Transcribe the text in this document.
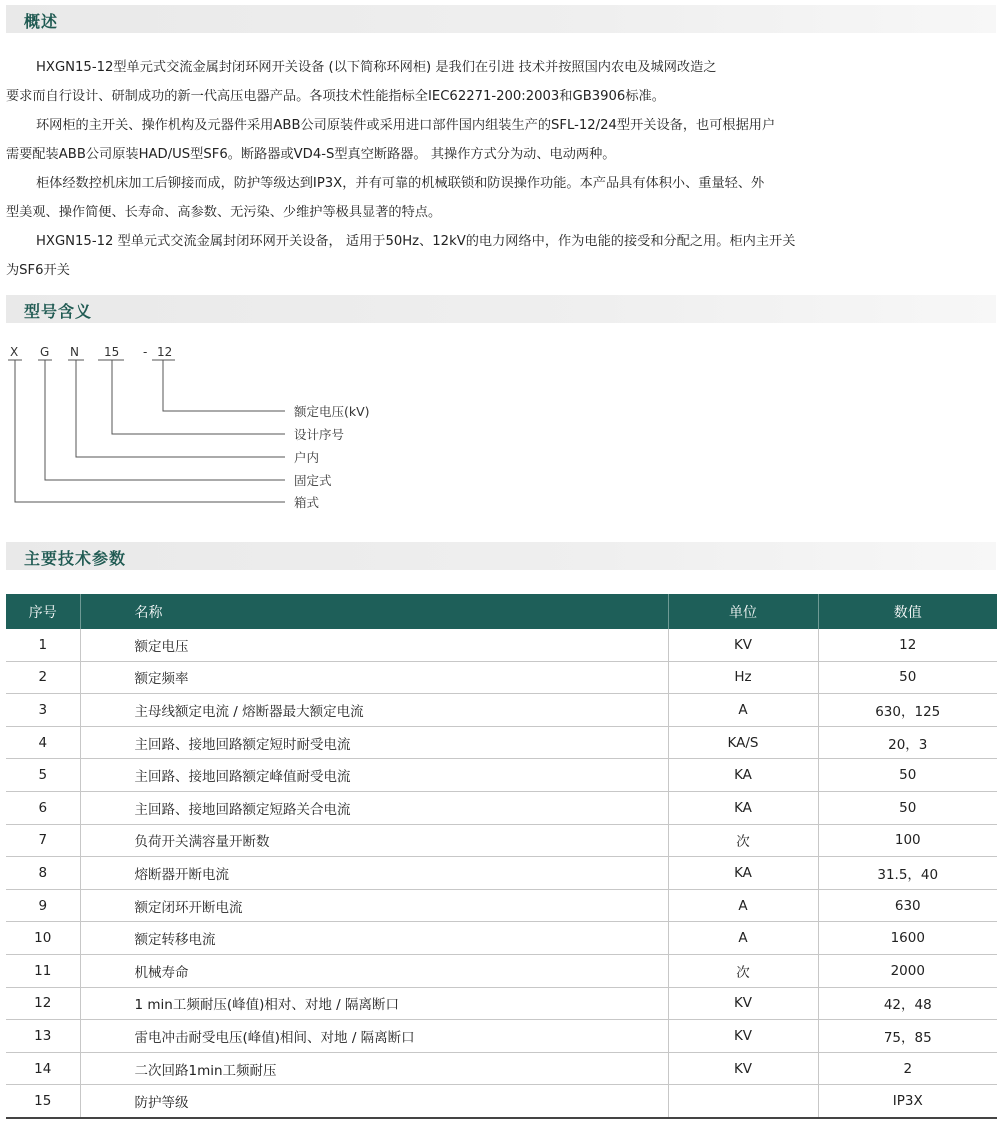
概述
HXGN15-12型单元式交流金属封闭环网开关设备 (以下简称环网柜) 是我们在引进 技术并按照国内农电及城网改造之
要求而自行设计、研制成功的新一代高压电器产品。各项技术性能指标全IEC62271-200:2003和GB3906标准。
环网柜的主开关、操作机构及元器件采用ABB公司原装件或采用进口部件国内组装生产的SFL-12/24型开关设备，也可根据用户
需要配装ABB公司原装HAD/US型SF6。断路器或VD4-S型真空断路器。 其操作方式分为动、电动两种。
柜体经数控机床加工后铆接而成，防护等级达到IP3X，并有可靠的机械联锁和防误操作功能。本产品具有体积小、重量轻、外
型美观、操作简便、长寿命、高参数、无污染、少维护等极具显著的特点。
HXGN15-12 型单元式交流金属封闭环网开关设备， 适用于50Hz、12kV的电力网络中，作为电能的接受和分配之用。柜内主开关
为SF6开关
型号含义
X G N 15 - 12
额定电压(kV)
设计序号
户内
固定式
箱式
主要技术参数
序号	名称	单位	数值
1	额定电压	KV	12
2	额定频率	Hz	50
3	主母线额定电流 / 熔断器最大额定电流	A	630，125
4	主回路、接地回路额定短时耐受电流	KA/S	20，3
5	主回路、接地回路额定峰值耐受电流	KA	50
6	主回路、接地回路额定短路关合电流	KA	50
7	负荷开关满容量开断数	次	100
8	熔断器开断电流	KA	31.5，40
9	额定闭环开断电流	A	630
10	额定转移电流	A	1600
11	机械寿命	次	2000
12	1 min工频耐压(峰值)相对、对地 / 隔离断口	KV	42，48
13	雷电冲击耐受电压(峰值)相间、对地 / 隔离断口	KV	75，85
14	二次回路1min工频耐压	KV	2
15	防护等级		IP3X
